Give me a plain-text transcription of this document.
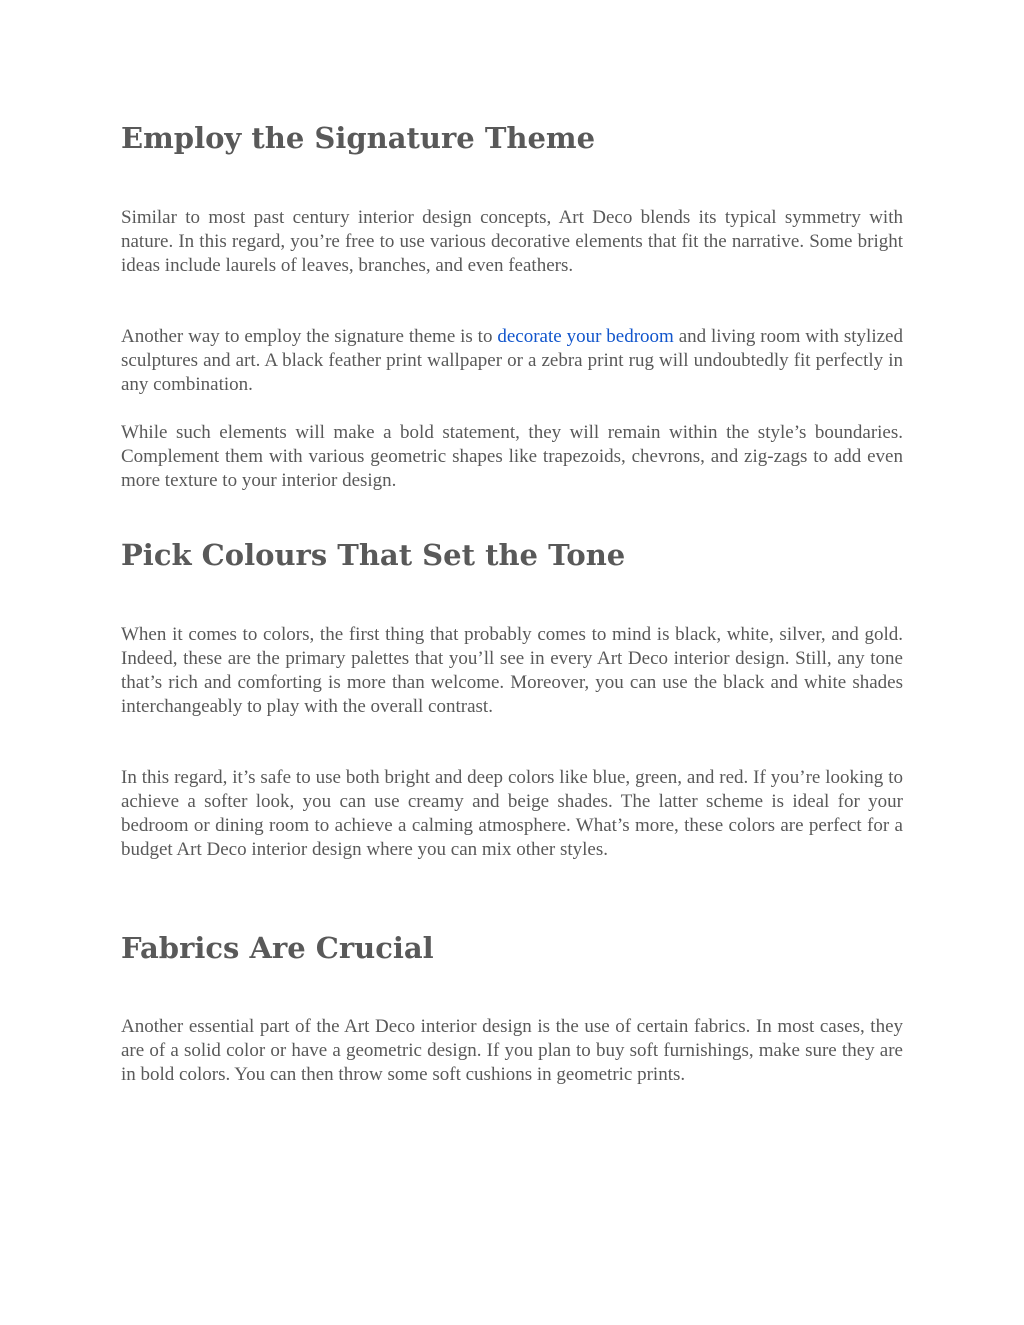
Employ the Signature Theme

Similar to most past century interior design concepts, Art Deco blends its typical symmetry with nature. In this regard, you’re free to use various decorative elements that fit the narrative. Some bright ideas include laurels of leaves, branches, and even feathers.

Another way to employ the signature theme is to decorate your bedroom and living room with stylized sculptures and art. A black feather print wallpaper or a zebra print rug will undoubtedly fit perfectly in any combination.

While such elements will make a bold statement, they will remain within the style’s boundaries. Complement them with various geometric shapes like trapezoids, chevrons, and zig-zags to add even more texture to your interior design.

Pick Colours That Set the Tone

When it comes to colors, the first thing that probably comes to mind is black, white, silver, and gold. Indeed, these are the primary palettes that you’ll see in every Art Deco interior design. Still, any tone that’s rich and comforting is more than welcome. Moreover, you can use the black and white shades interchangeably to play with the overall contrast.

In this regard, it’s safe to use both bright and deep colors like blue, green, and red. If you’re looking to achieve a softer look, you can use creamy and beige shades. The latter scheme is ideal for your bedroom or dining room to achieve a calming atmosphere. What’s more, these colors are perfect for a budget Art Deco interior design where you can mix other styles.

Fabrics Are Crucial

Another essential part of the Art Deco interior design is the use of certain fabrics. In most cases, they are of a solid color or have a geometric design. If you plan to buy soft furnishings, make sure they are in bold colors. You can then throw some soft cushions in geometric prints.
